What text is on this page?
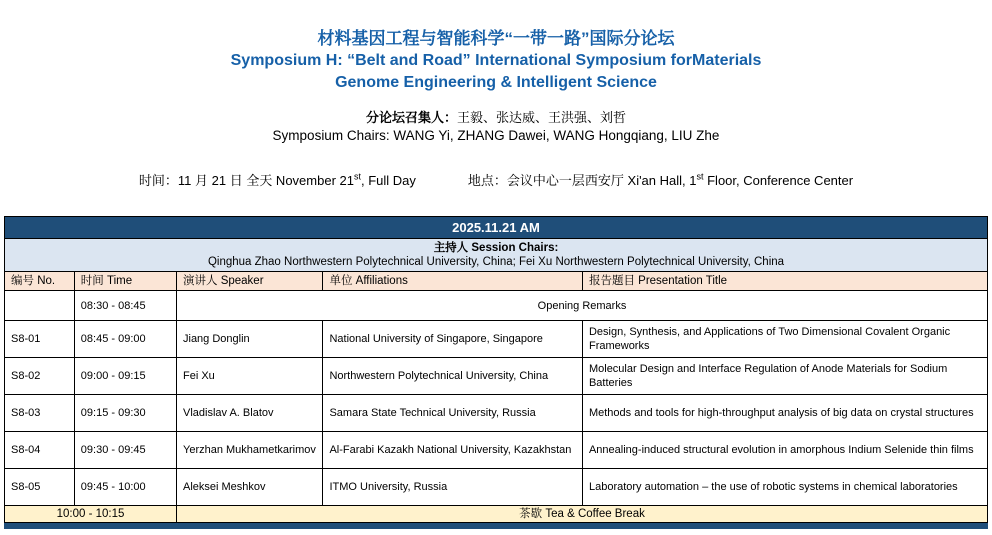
材料基因工程与智能科学“一带一路”国际分论坛
Symposium H: “Belt and Road” International Symposium forMaterials
Genome Engineering & Intelligent Science

分论坛召集人：王毅、张达威、王洪强、刘哲

Symposium Chairs: WANG Yi, ZHANG Dawei, WANG Hongqiang, LIU Zhe

时间：11 月 21 日 全天 November 21st, Full Day	地点：会议中心一层西安厅 Xi'an Hall, 1st Floor, Conference Center
2025.11.21 AM				

主持人 Session Chairs:
Qinghua Zhao Northwestern Polytechnical University, China; Fei Xu Northwestern Polytechnical University, China				

编号 No.	时间 Time	演讲人 Speaker	单位 Affiliations	报告题目 Presentation Title
	08:30 - 08:45	Opening Remarks		
S8-01	08:45 - 09:00	Jiang Donglin	National University of Singapore, Singapore	Design, Synthesis, and Applications of Two Dimensional Covalent Organic Frameworks
S8-02	09:00 - 09:15	Fei Xu	Northwestern Polytechnical University, China	Molecular Design and Interface Regulation of Anode Materials for Sodium Batteries
S8-03	09:15 - 09:30	Vladislav A. Blatov	Samara State Technical University, Russia	Methods and tools for high-throughput analysis of big data on crystal structures
S8-04	09:30 - 09:45	Yerzhan Mukhametkarimov	Al-Farabi Kazakh National University, Kazakhstan	Annealing-induced structural evolution in amorphous Indium Selenide thin films
S8-05	09:45 - 10:00	Aleksei Meshkov	ITMO University, Russia	Laboratory automation – the use of robotic systems in chemical laboratories
10:00 - 10:15		茶歇 Tea & Coffee Break		
